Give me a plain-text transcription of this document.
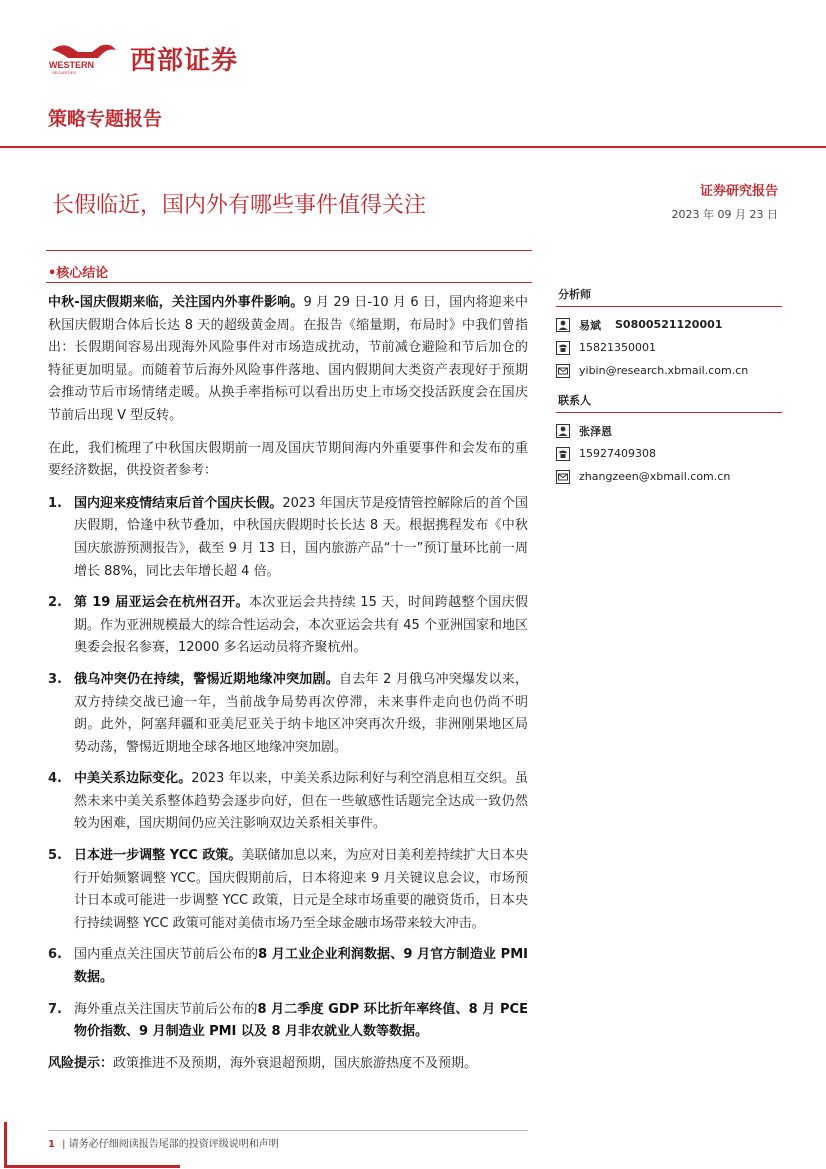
WESTERN
SECURITIES 西部证券
策略专题报告
长假临近，国内外有哪些事件值得关注
证券研究报告
2023 年 09 月 23 日
•核心结论

中秋-国庆假期来临，关注国内外事件影响。9 月 29 日-10 月 6 日，国内将迎来中秋国庆假期合体后长达 8 天的超级黄金周。在报告《缩量期，布局时》中我们曾指出：长假期间容易出现海外风险事件对市场造成扰动，节前减仓避险和节后加仓的特征更加明显。而随着节后海外风险事件落地、国内假期间大类资产表现好于预期会推动节后市场情绪走暖。从换手率指标可以看出历史上市场交投活跃度会在国庆节前后出现 V 型反转。

在此，我们梳理了中秋国庆假期前一周及国庆节期间海内外重要事件和会发布的重要经济数据，供投资者参考：

1. 国内迎来疫情结束后首个国庆长假。2023 年国庆节是疫情管控解除后的首个国庆假期，恰逢中秋节叠加，中秋国庆假期时长长达 8 天。根据携程发布《中秋国庆旅游预测报告》，截至 9 月 13 日，国内旅游产品“十一”预订量环比前一周增长 88%，同比去年增长超 4 倍。
2. 第 19 届亚运会在杭州召开。本次亚运会共持续 15 天，时间跨越整个国庆假期。作为亚洲规模最大的综合性运动会，本次亚运会共有 45 个亚洲国家和地区奥委会报名参赛，12000 多名运动员将齐聚杭州。
3. 俄乌冲突仍在持续，警惕近期地缘冲突加剧。自去年 2 月俄乌冲突爆发以来，双方持续交战已逾一年，当前战争局势再次停滞，未来事件走向也仍尚不明朗。此外，阿塞拜疆和亚美尼亚关于纳卡地区冲突再次升级，非洲刚果地区局势动荡，警惕近期地全球各地区地缘冲突加剧。
4. 中美关系边际变化。2023 年以来，中美关系边际利好与利空消息相互交织。虽然未来中美关系整体趋势会逐步向好，但在一些敏感性话题完全达成一致仍然较为困难，国庆期间仍应关注影响双边关系相关事件。
5. 日本进一步调整 YCC 政策。美联储加息以来，为应对日美利差持续扩大日本央行开始频繁调整 YCC。国庆假期前后，日本将迎来 9 月关键议息会议，市场预计日本或可能进一步调整 YCC 政策，日元是全球市场重要的融资货币，日本央行持续调整 YCC 政策可能对美债市场乃至全球金融市场带来较大冲击。
6. 国内重点关注国庆节前后公布的8 月工业企业利润数据、9 月官方制造业 PMI 数据。
7. 海外重点关注国庆节前后公布的8 月二季度 GDP 环比折年率终值、8 月 PCE 物价指数、9 月制造业 PMI 以及 8 月非农就业人数等数据。

风险提示：政策推进不及预期，海外衰退超预期，国庆旅游热度不及预期。

分析师
易斌 S0800521120001
15821350001
yibin@research.xbmail.com.cn
联系人
张泽恩
15927409308
zhangzeen@xbmail.com.cn
1 | 请务必仔细阅读报告尾部的投资评级说明和声明
